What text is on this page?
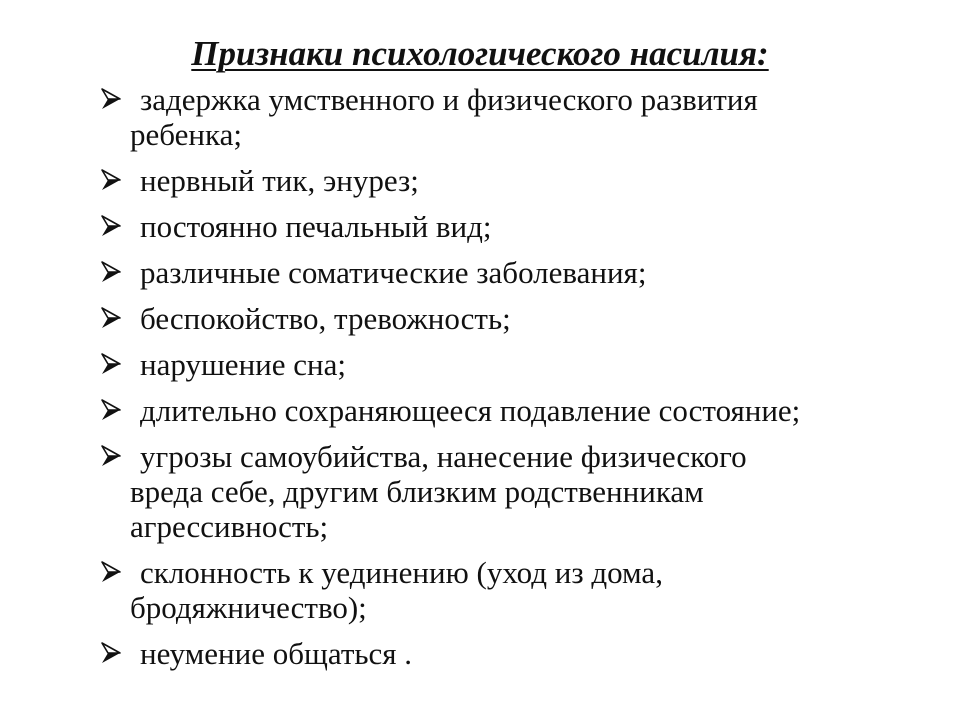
Признаки психологического насилия:
задержка умственного и физического развития
ребенка;
нервный тик, энурез;
постоянно печальный вид;
различные соматические заболевания;
беспокойство, тревожность;
нарушение сна;
длительно сохраняющееся подавление состояние;
угрозы самоубийства, нанесение физического
вреда себе, другим близким родственникам
агрессивность;
склонность к уединению (уход из дома,
бродяжничество);
неумение общаться .
